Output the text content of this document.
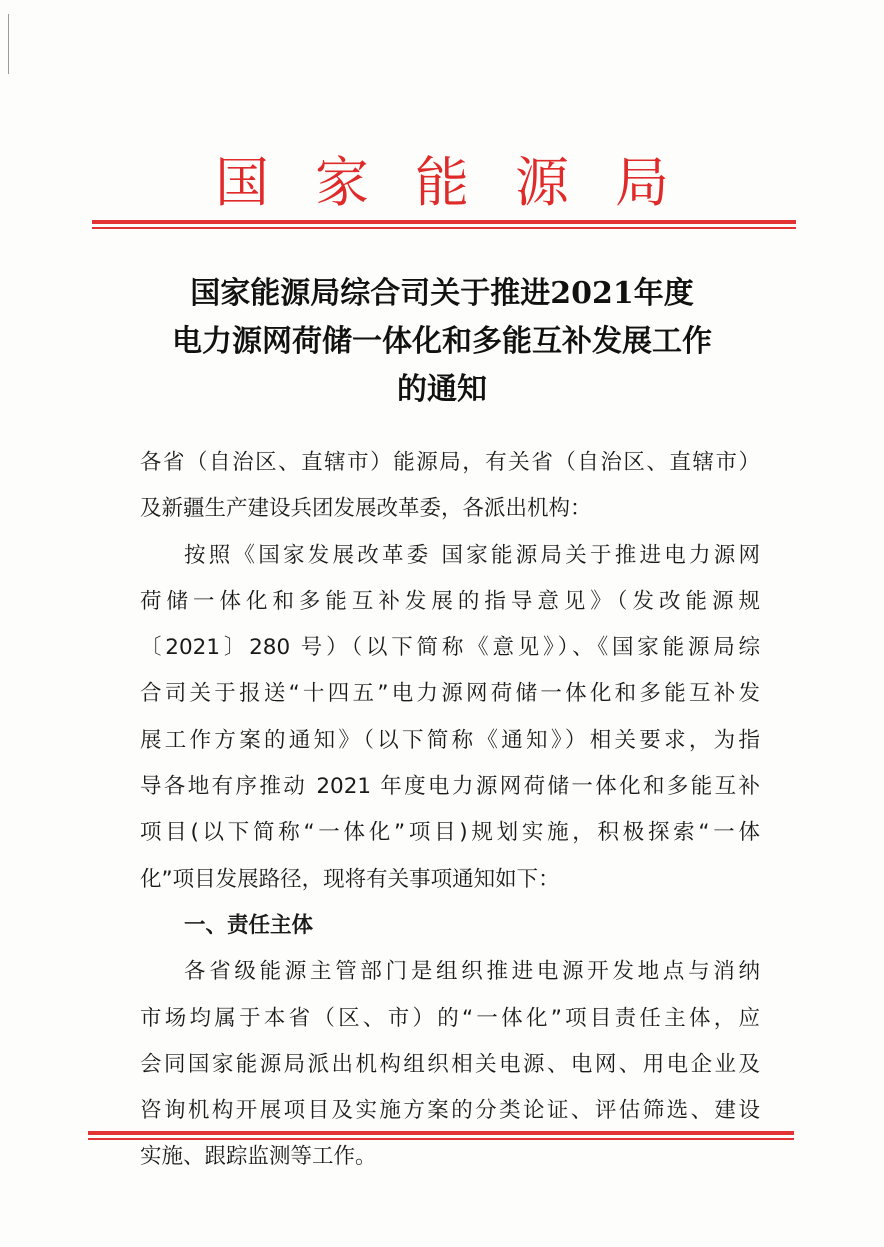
国家能源局
国家能源局综合司关于推进2021年度
电力源网荷储一体化和多能互补发展工作
的通知
各省（自治区、直辖市）能源局，有关省（自治区、直辖市）
及新疆生产建设兵团发展改革委，各派出机构：
按照《国家发展改革委 国家能源局关于推进电力源网
荷储一体化和多能互补发展的指导意见》（发改能源规
〔2021〕280 号）（以下简称《意见》）、《国家能源局综
合司关于报送“十四五”电力源网荷储一体化和多能互补发
展工作方案的通知》（以下简称《通知》）相关要求，为指
导各地有序推动 2021 年度电力源网荷储一体化和多能互补
项目(以下简称“一体化”项目)规划实施，积极探索“一体
化”项目发展路径，现将有关事项通知如下：
一、责任主体
各省级能源主管部门是组织推进电源开发地点与消纳
市场均属于本省（区、市）的“一体化”项目责任主体，应
会同国家能源局派出机构组织相关电源、电网、用电企业及
咨询机构开展项目及实施方案的分类论证、评估筛选、建设
实施、跟踪监测等工作。
